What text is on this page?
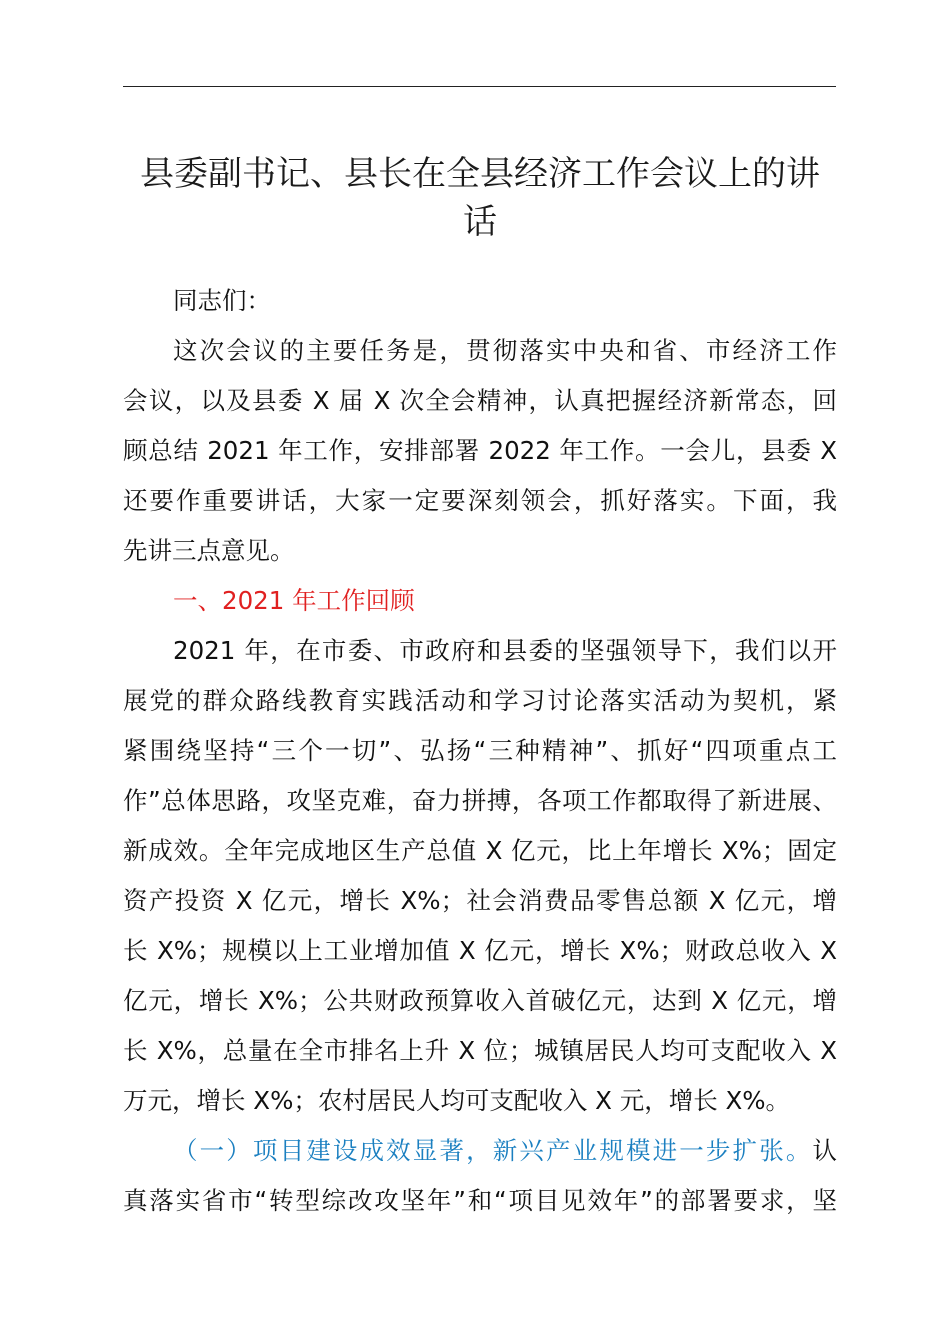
县委副书记、县长在全县经济工作会议上的讲
话
同志们：
这次会议的主要任务是，贯彻落实中央和省、市经济工作
会议，以及县委 X 届 X 次全会精神，认真把握经济新常态，回
顾总结 2021 年工作，安排部署 2022 年工作。一会儿，县委 X
还要作重要讲话，大家一定要深刻领会，抓好落实。下面，我
先讲三点意见。
一、2021 年工作回顾
2021 年，在市委、市政府和县委的坚强领导下，我们以开
展党的群众路线教育实践活动和学习讨论落实活动为契机，紧
紧围绕坚持“三个一切”、弘扬“三种精神”、抓好“四项重点工
作”总体思路，攻坚克难，奋力拼搏，各项工作都取得了新进展、
新成效。全年完成地区生产总值 X 亿元，比上年增长 X%；固定
资产投资 X 亿元，增长 X%；社会消费品零售总额 X 亿元，增
长 X%；规模以上工业增加值 X 亿元，增长 X%；财政总收入 X
亿元，增长 X%；公共财政预算收入首破亿元，达到 X 亿元，增
长 X%，总量在全市排名上升 X 位；城镇居民人均可支配收入 X
万元，增长 X%；农村居民人均可支配收入 X 元，增长 X%。
（一）项目建设成效显著，新兴产业规模进一步扩张。认
真落实省市“转型综改攻坚年”和“项目见效年”的部署要求，坚
